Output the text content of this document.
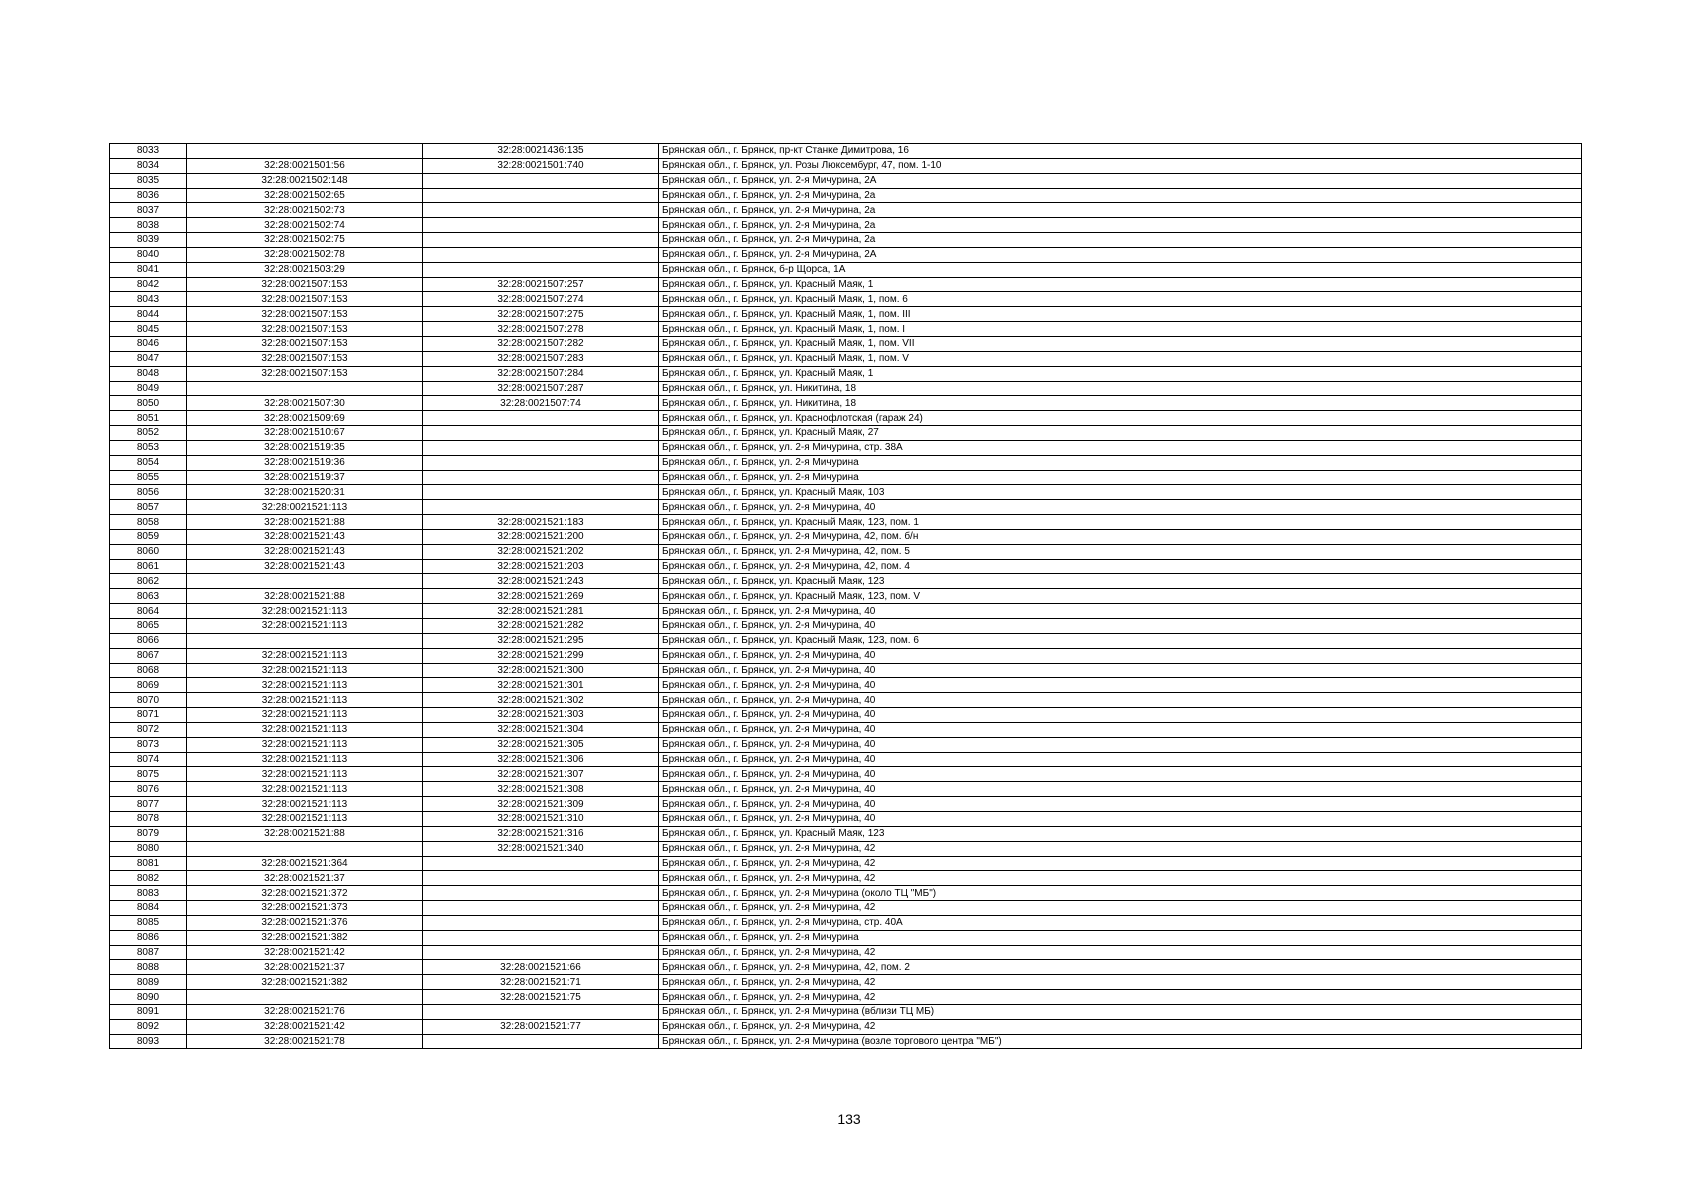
8033		32:28:0021436:135	Брянская обл., г. Брянск, пр-кт Станке Димитрова, 16
8034	32:28:0021501:56	32:28:0021501:740	Брянская обл., г. Брянск, ул. Розы Люксембург, 47, пом. 1-10
8035	32:28:0021502:148		Брянская обл., г. Брянск, ул. 2-я Мичурина, 2А
8036	32:28:0021502:65		Брянская обл., г. Брянск, ул. 2-я Мичурина, 2а
8037	32:28:0021502:73		Брянская обл., г. Брянск, ул. 2-я Мичурина, 2а
8038	32:28:0021502:74		Брянская обл., г. Брянск, ул. 2-я Мичурина, 2а
8039	32:28:0021502:75		Брянская обл., г. Брянск, ул. 2-я Мичурина, 2а
8040	32:28:0021502:78		Брянская обл., г. Брянск, ул. 2-я Мичурина, 2А
8041	32:28:0021503:29		Брянская обл., г. Брянск, б-р Щорса, 1А
8042	32:28:0021507:153	32:28:0021507:257	Брянская обл., г. Брянск, ул. Красный Маяк, 1
8043	32:28:0021507:153	32:28:0021507:274	Брянская обл., г. Брянск, ул. Красный Маяк, 1, пом. 6
8044	32:28:0021507:153	32:28:0021507:275	Брянская обл., г. Брянск, ул. Красный Маяк, 1, пом. III
8045	32:28:0021507:153	32:28:0021507:278	Брянская обл., г. Брянск, ул. Красный Маяк, 1, пом. I
8046	32:28:0021507:153	32:28:0021507:282	Брянская обл., г. Брянск, ул. Красный Маяк, 1, пом. VII
8047	32:28:0021507:153	32:28:0021507:283	Брянская обл., г. Брянск, ул. Красный Маяк, 1, пом. V
8048	32:28:0021507:153	32:28:0021507:284	Брянская обл., г. Брянск, ул. Красный Маяк, 1
8049		32:28:0021507:287	Брянская обл., г. Брянск, ул. Никитина, 18
8050	32:28:0021507:30	32:28:0021507:74	Брянская обл., г. Брянск, ул. Никитина, 18
8051	32:28:0021509:69		Брянская обл., г. Брянск, ул. Краснофлотская (гараж 24)
8052	32:28:0021510:67		Брянская обл., г. Брянск, ул. Красный Маяк, 27
8053	32:28:0021519:35		Брянская обл., г. Брянск, ул. 2-я Мичурина, стр. 38А
8054	32:28:0021519:36		Брянская обл., г. Брянск, ул. 2-я Мичурина
8055	32:28:0021519:37		Брянская обл., г. Брянск, ул. 2-я Мичурина
8056	32:28:0021520:31		Брянская обл., г. Брянск, ул. Красный Маяк, 103
8057	32:28:0021521:113		Брянская обл., г. Брянск, ул. 2-я Мичурина, 40
8058	32:28:0021521:88	32:28:0021521:183	Брянская обл., г. Брянск, ул. Красный Маяк, 123, пом. 1
8059	32:28:0021521:43	32:28:0021521:200	Брянская обл., г. Брянск, ул. 2-я Мичурина, 42, пом. б/н
8060	32:28:0021521:43	32:28:0021521:202	Брянская обл., г. Брянск, ул. 2-я Мичурина, 42, пом. 5
8061	32:28:0021521:43	32:28:0021521:203	Брянская обл., г. Брянск, ул. 2-я Мичурина, 42, пом. 4
8062		32:28:0021521:243	Брянская обл., г. Брянск, ул. Красный Маяк, 123
8063	32:28:0021521:88	32:28:0021521:269	Брянская обл., г. Брянск, ул. Красный Маяк, 123, пом. V
8064	32:28:0021521:113	32:28:0021521:281	Брянская обл., г. Брянск, ул. 2-я Мичурина, 40
8065	32:28:0021521:113	32:28:0021521:282	Брянская обл., г. Брянск, ул. 2-я Мичурина, 40
8066		32:28:0021521:295	Брянская обл., г. Брянск, ул. Красный Маяк, 123, пом. 6
8067	32:28:0021521:113	32:28:0021521:299	Брянская обл., г. Брянск, ул. 2-я Мичурина, 40
8068	32:28:0021521:113	32:28:0021521:300	Брянская обл., г. Брянск, ул. 2-я Мичурина, 40
8069	32:28:0021521:113	32:28:0021521:301	Брянская обл., г. Брянск, ул. 2-я Мичурина, 40
8070	32:28:0021521:113	32:28:0021521:302	Брянская обл., г. Брянск, ул. 2-я Мичурина, 40
8071	32:28:0021521:113	32:28:0021521:303	Брянская обл., г. Брянск, ул. 2-я Мичурина, 40
8072	32:28:0021521:113	32:28:0021521:304	Брянская обл., г. Брянск, ул. 2-я Мичурина, 40
8073	32:28:0021521:113	32:28:0021521:305	Брянская обл., г. Брянск, ул. 2-я Мичурина, 40
8074	32:28:0021521:113	32:28:0021521:306	Брянская обл., г. Брянск, ул. 2-я Мичурина, 40
8075	32:28:0021521:113	32:28:0021521:307	Брянская обл., г. Брянск, ул. 2-я Мичурина, 40
8076	32:28:0021521:113	32:28:0021521:308	Брянская обл., г. Брянск, ул. 2-я Мичурина, 40
8077	32:28:0021521:113	32:28:0021521:309	Брянская обл., г. Брянск, ул. 2-я Мичурина, 40
8078	32:28:0021521:113	32:28:0021521:310	Брянская обл., г. Брянск, ул. 2-я Мичурина, 40
8079	32:28:0021521:88	32:28:0021521:316	Брянская обл., г. Брянск, ул. Красный Маяк, 123
8080		32:28:0021521:340	Брянская обл., г. Брянск, ул. 2-я Мичурина, 42
8081	32:28:0021521:364		Брянская обл., г. Брянск, ул. 2-я Мичурина, 42
8082	32:28:0021521:37		Брянская обл., г. Брянск, ул. 2-я Мичурина, 42
8083	32:28:0021521:372		Брянская обл., г. Брянск, ул. 2-я Мичурина (около ТЦ "МБ")
8084	32:28:0021521:373		Брянская обл., г. Брянск, ул. 2-я Мичурина, 42
8085	32:28:0021521:376		Брянская обл., г. Брянск, ул. 2-я Мичурина, стр. 40А
8086	32:28:0021521:382		Брянская обл., г. Брянск, ул. 2-я Мичурина
8087	32:28:0021521:42		Брянская обл., г. Брянск, ул. 2-я Мичурина, 42
8088	32:28:0021521:37	32:28:0021521:66	Брянская обл., г. Брянск, ул. 2-я Мичурина, 42, пом. 2
8089	32:28:0021521:382	32:28:0021521:71	Брянская обл., г. Брянск, ул. 2-я Мичурина, 42
8090		32:28:0021521:75	Брянская обл., г. Брянск, ул. 2-я Мичурина, 42
8091	32:28:0021521:76		Брянская обл., г. Брянск, ул. 2-я Мичурина (вблизи ТЦ МБ)
8092	32:28:0021521:42	32:28:0021521:77	Брянская обл., г. Брянск, ул. 2-я Мичурина, 42
8093	32:28:0021521:78		Брянская обл., г. Брянск, ул. 2-я Мичурина (возле торгового центра "МБ")
133
